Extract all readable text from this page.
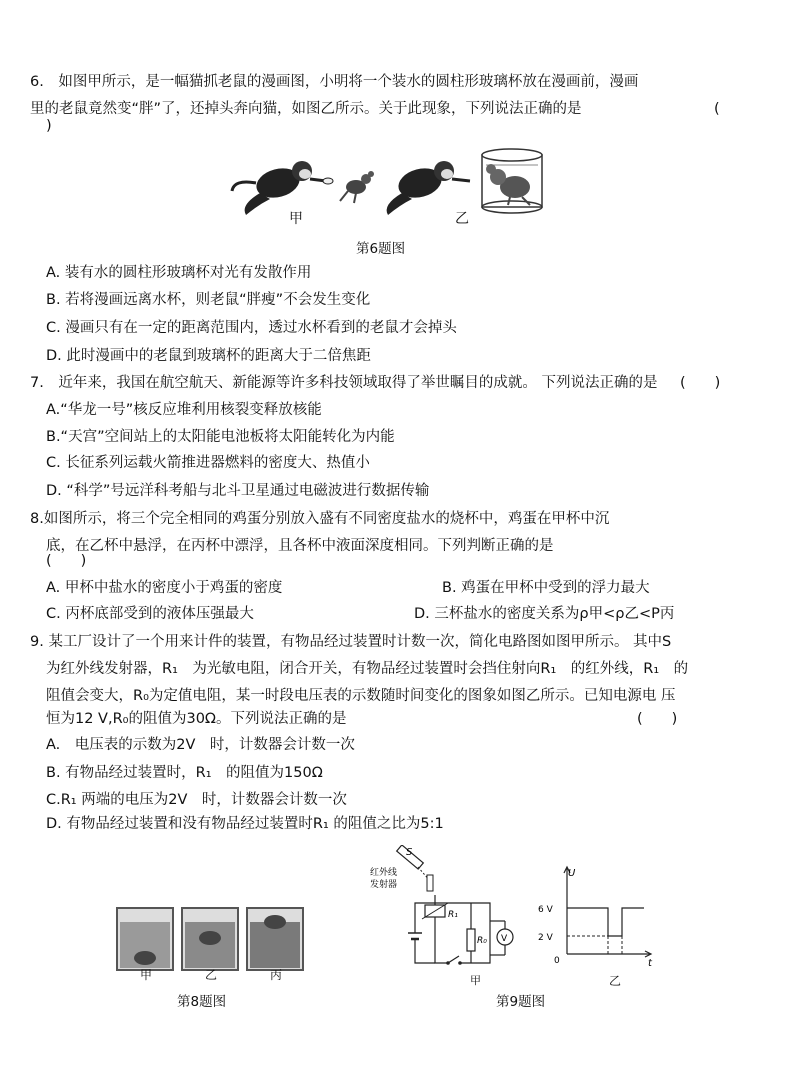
6.　如图甲所示，是一幅猫抓老鼠的漫画图，小明将一个装水的圆柱形玻璃杯放在漫画前，漫画
里的老鼠竟然变“胖”了，还掉头奔向猫，如图乙所示。关于此现象，下列说法正确的是	(
)
甲	乙
第6题图
A. 装有水的圆柱形玻璃杯对光有发散作用
B. 若将漫画远离水杯，则老鼠“胖瘦”不会发生变化
C. 漫画只有在一定的距离范围内，透过水杯看到的老鼠才会掉头
D. 此时漫画中的老鼠到玻璃杯的距离大于二倍焦距
7.　近年来，我国在航空航天、新能源等许多科技领域取得了举世瞩目的成就。 下列说法正确的是 (　　)
A.“华龙一号”核反应堆利用核裂变释放核能
B.“天宫”空间站上的太阳能电池板将太阳能转化为内能
C. 长征系列运载火箭推进器燃料的密度大、热值小
D. “科学”号远洋科考船与北斗卫星通过电磁波进行数据传输
8.如图所示，将三个完全相同的鸡蛋分别放入盛有不同密度盐水的烧杯中，鸡蛋在甲杯中沉
底，在乙杯中悬浮，在丙杯中漂浮，且各杯中液面深度相同。下列判断正确的是
(　　)
A. 甲杯中盐水的密度小于鸡蛋的密度	B. 鸡蛋在甲杯中受到的浮力最大
C. 丙杯底部受到的液体压强最大	D. 三杯盐水的密度关系为ρ甲<ρ乙<P丙
9. 某工厂设计了一个用来计件的装置，有物品经过装置时计数一次，简化电路图如图甲所示。 其中S
为红外线发射器，R₁　为光敏电阻，闭合开关，有物品经过装置时会挡住射向R₁　的红外线，R₁　的
阻值会变大，R₀为定值电阻，某一时段电压表的示数随时间变化的图象如图乙所示。已知电源电 压
恒为12 V,R₀的阻值为30Ω。下列说法正确的是	(　　)
A.　电压表的示数为2V　时，计数器会计数一次
B. 有物品经过装置时，R₁　的阻值为150Ω
C.R₁ 两端的电压为2V　时，计数器会计数一次
D. 有物品经过装置和没有物品经过装置时R₁ 的阻值之比为5:1
甲	乙	丙
第8题图
S
红外线
发射器
R₁
R₀ V
甲
U
t
0
6 V
2 V
乙
第9题图
